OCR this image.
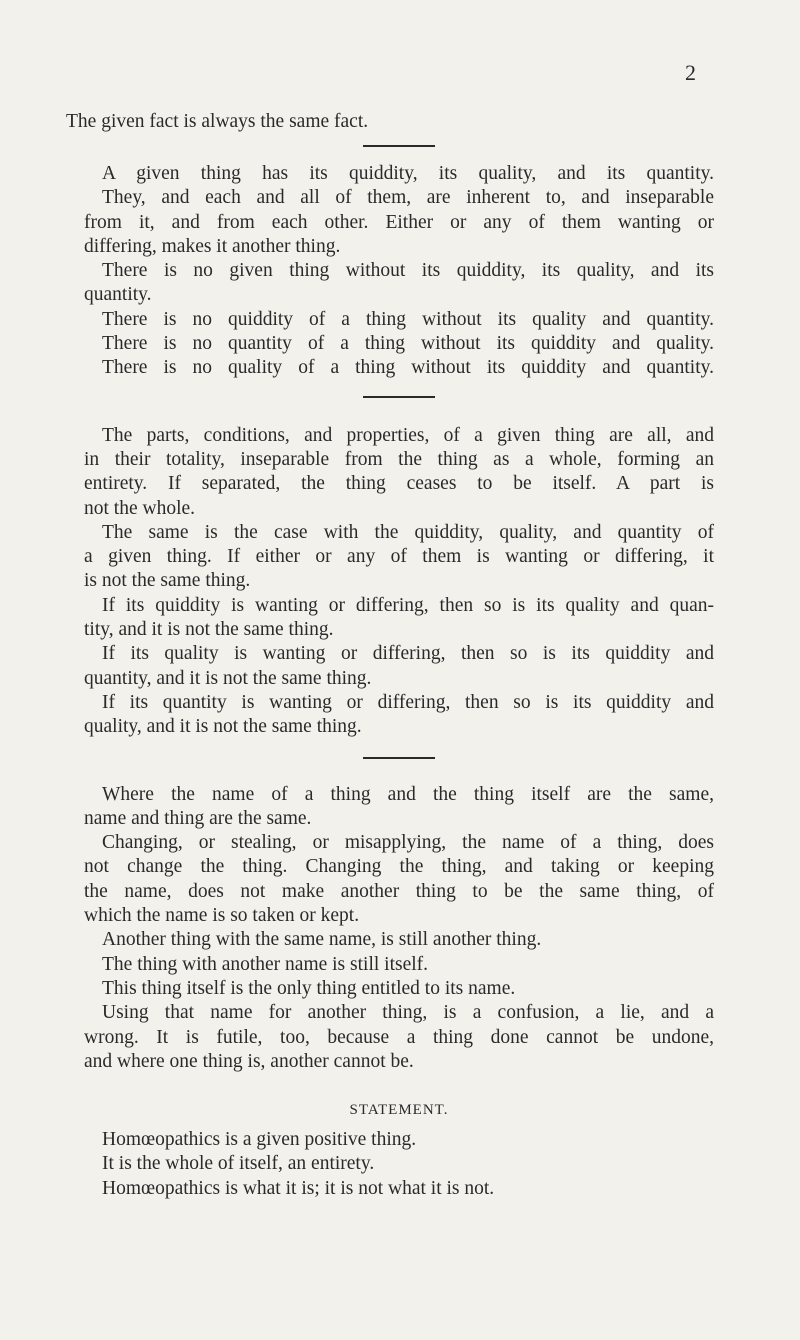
2
The given fact is always the same fact.
A given thing has its quiddity, its quality, and its quantity.
They, and each and all of them, are inherent to, and inseparable
from it, and from each other. Either or any of them wanting or
differing, makes it another thing.
There is no given thing without its quiddity, its quality, and its
quantity.
There is no quiddity of a thing without its quality and quantity.
There is no quantity of a thing without its quiddity and quality.
There is no quality of a thing without its quiddity and quantity.
The parts, conditions, and properties, of a given thing are all, and
in their totality, inseparable from the thing as a whole, forming an
entirety. If separated, the thing ceases to be itself. A part is
not the whole.
The same is the case with the quiddity, quality, and quantity of
a given thing. If either or any of them is wanting or differing, it
is not the same thing.
If its quiddity is wanting or differing, then so is its quality and quan-
tity, and it is not the same thing.
If its quality is wanting or differing, then so is its quiddity and
quantity, and it is not the same thing.
If its quantity is wanting or differing, then so is its quiddity and
quality, and it is not the same thing.
Where the name of a thing and the thing itself are the same,
name and thing are the same.
Changing, or stealing, or misapplying, the name of a thing, does
not change the thing. Changing the thing, and taking or keeping
the name, does not make another thing to be the same thing, of
which the name is so taken or kept.
Another thing with the same name, is still another thing.
The thing with another name is still itself.
This thing itself is the only thing entitled to its name.
Using that name for another thing, is a confusion, a lie, and a
wrong. It is futile, too, because a thing done cannot be undone,
and where one thing is, another cannot be.
STATEMENT.
Homœopathics is a given positive thing.
It is the whole of itself, an entirety.
Homœopathics is what it is; it is not what it is not.
